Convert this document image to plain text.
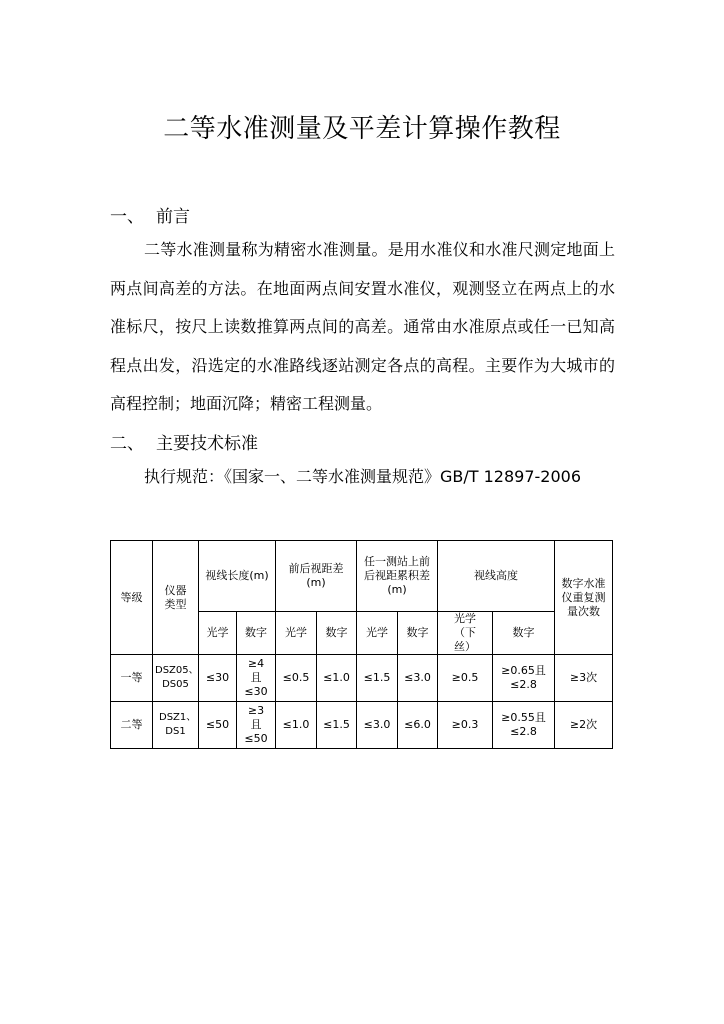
二等水准测量及平差计算操作教程
一、 前言

二等水准测量称为精密水准测量。是用水准仪和水准尺测定地面上两点间高差的方法。在地面两点间安置水准仪，观测竖立在两点上的水准标尺，按尺上读数推算两点间的高差。通常由水准原点或任一已知高程点出发，沿选定的水准路线逐站测定各点的高程。主要作为大城市的高程控制；地面沉降；精密工程测量。

二、 主要技术标准

执行规范：《国家一、二等水准测量规范》GB/T 12897-2006

等级	仪器类型	视线长度(m)		前后视距差(m)		任一测站上前后视距累积差(m)		视线高度		数字水准仪重复测量次数
		光学	数字	光学	数字	光学	数字	光学（下丝）	数字	
一等	DSZ05、DS05	≤30	≥4且≤30	≤0.5	≤1.0	≤1.5	≤3.0	≥0.5	≥0.65且≤2.8	≥3次
二等	DSZ1、DS1	≤50	≥3且≤50	≤1.0	≤1.5	≤3.0	≤6.0	≥0.3	≥0.55且≤2.8	≥2次
